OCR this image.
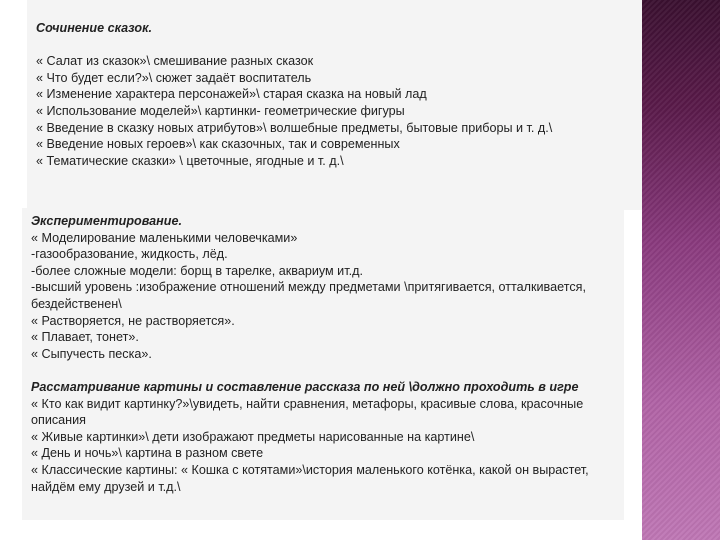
Сочинение сказок.
« Салат из сказок»\ смешивание разных сказок
« Что будет если?»\ сюжет задаёт воспитатель
« Изменение характера персонажей»\ старая сказка на новый лад
« Использование моделей»\ картинки- геометрические фигуры
« Введение в сказку новых атрибутов»\ волшебные предметы, бытовые приборы и т. д.\
« Введение новых героев»\ как сказочных, так и современных
« Тематические сказки» \ цветочные, ягодные и т. д.\
Экспериментирование.
« Моделирование маленькими человечками»
-газообразование, жидкость, лёд.
-более сложные модели: борщ в тарелке, аквариум ит.д.
-высший уровень :изображение отношений между предметами \притягивается, отталкивается, бездейственен\
« Растворяется, не растворяется».
« Плавает, тонет».
« Сыпучесть песка».
Рассматривание картины и составление рассказа по ней \должно проходить в игре
« Кто как видит картинку?»\увидеть, найти сравнения, метафоры, красивые слова, красочные описания
« Живые картинки»\ дети изображают предметы нарисованные на картине\
« День и ночь»\ картина в разном свете
« Классические картины: « Кошка с котятами»\история маленького котёнка, какой он вырастет, найдём ему друзей и т.д.\
